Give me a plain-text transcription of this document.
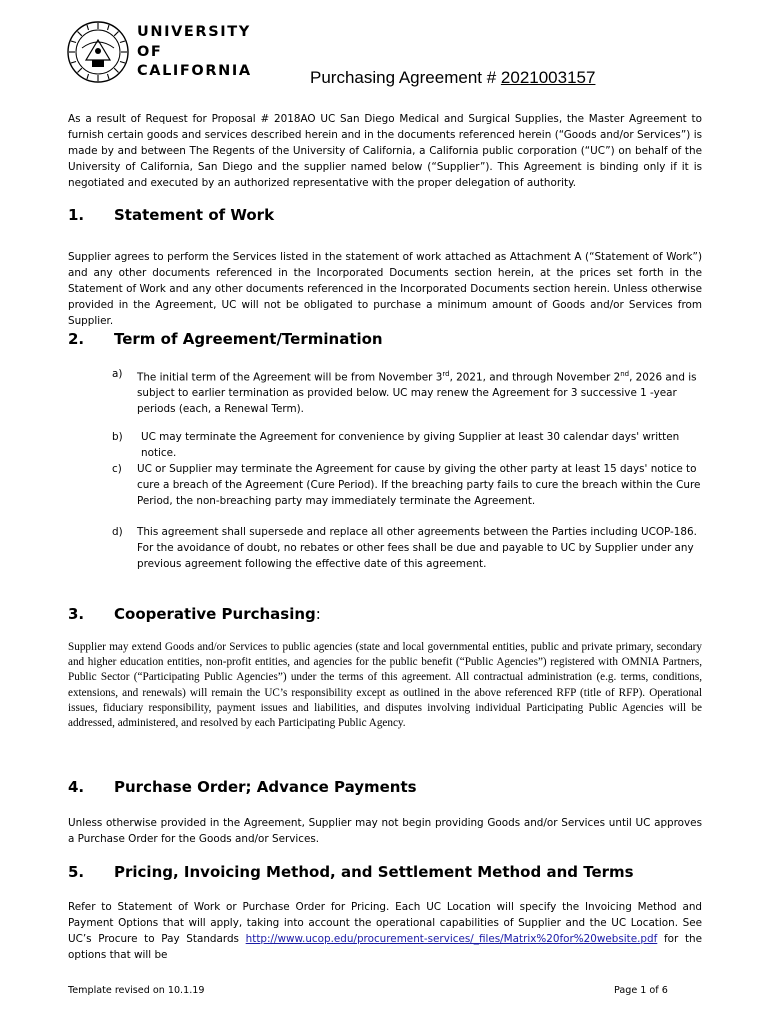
UNIVERSITY
OF
CALIFORNIA	Purchasing Agreement # 2021003157
As a result of Request for Proposal # 2018AO UC San Diego Medical and Surgical Supplies, the Master Agreement to furnish certain goods and services described herein and in the documents referenced herein (“Goods and/or Services”) is made by and between The Regents of the University of California, a California public corporation (“UC”) on behalf of the University of California, San Diego and the supplier named below (“Supplier”). This Agreement is binding only if it is negotiated and executed by an authorized representative with the proper delegation of authority.
1. Statement of Work
Supplier agrees to perform the Services listed in the statement of work attached as Attachment A (“Statement of Work”) and any other documents referenced in the Incorporated Documents section herein, at the prices set forth in the Statement of Work and any other documents referenced in the Incorporated Documents section herein. Unless otherwise provided in the Agreement, UC will not be obligated to purchase a minimum amount of Goods and/or Services from Supplier.
2. Term of Agreement/Termination
a) The initial term of the Agreement will be from November 3rd, 2021, and through November 2nd, 2026 and is subject to earlier termination as provided below. UC may renew the Agreement for 3 successive 1 -year periods (each, a Renewal Term).
b) UC may terminate the Agreement for convenience by giving Supplier at least 30 calendar days' written notice.
c) UC or Supplier may terminate the Agreement for cause by giving the other party at least 15 days' notice to cure a breach of the Agreement (Cure Period). If the breaching party fails to cure the breach within the Cure Period, the non-breaching party may immediately terminate the Agreement.
d) This agreement shall supersede and replace all other agreements between the Parties including UCOP-186. For the avoidance of doubt, no rebates or other fees shall be due and payable to UC by Supplier under any previous agreement following the effective date of this agreement.
3. Cooperative Purchasing:
Supplier may extend Goods and/or Services to public agencies (state and local governmental entities, public and private primary, secondary and higher education entities, non-profit entities, and agencies for the public benefit (“Public Agencies”) registered with OMNIA Partners, Public Sector (“Participating Public Agencies”) under the terms of this agreement. All contractual administration (e.g. terms, conditions, extensions, and renewals) will remain the UC’s responsibility except as outlined in the above referenced RFP (title of RFP). Operational issues, fiduciary responsibility, payment issues and liabilities, and disputes involving individual Participating Public Agencies will be addressed, administered, and resolved by each Participating Public Agency.
4. Purchase Order; Advance Payments
Unless otherwise provided in the Agreement, Supplier may not begin providing Goods and/or Services until UC approves a Purchase Order for the Goods and/or Services.
5. Pricing, Invoicing Method, and Settlement Method and Terms
Refer to Statement of Work or Purchase Order for Pricing. Each UC Location will specify the Invoicing Method and Payment Options that will apply, taking into account the operational capabilities of Supplier and the UC Location. See UC’s Procure to Pay Standards http://www.ucop.edu/procurement-services/_files/Matrix%20for%20website.pdf for the options that will be
Template revised on 10.1.19	Page 1 of 6
